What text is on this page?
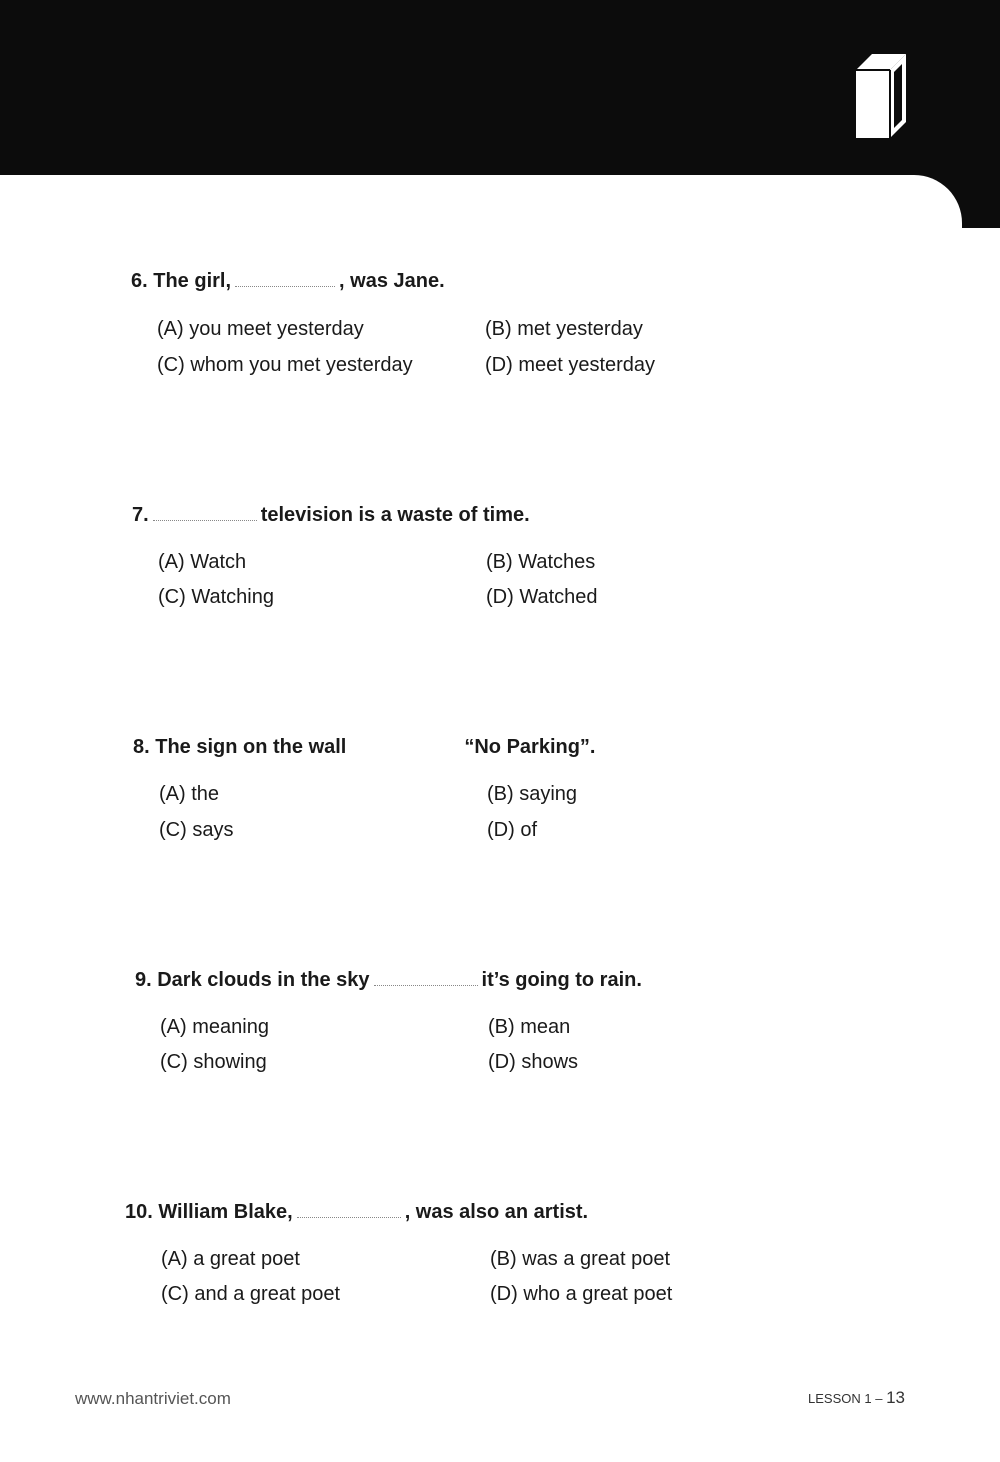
6. The girl,	, was Jane.
(A) you meet yesterday	(B) met yesterday
(C) whom you met yesterday	(D) meet yesterday
7.	television is a waste of time.
(A) Watch	(B) Watches
(C) Watching	(D) Watched
8. The sign on the wall	“No Parking”.
(A) the	(B) saying
(C) says	(D) of
9. Dark clouds in the sky	it’s going to rain.
(A) meaning	(B) mean
(C) showing	(D) shows
10. William Blake,	, was also an artist.
(A) a great poet	(B) was a great poet
(C) and a great poet	(D) who a great poet
www.nhantriviet.com	LESSON 1 – 13
